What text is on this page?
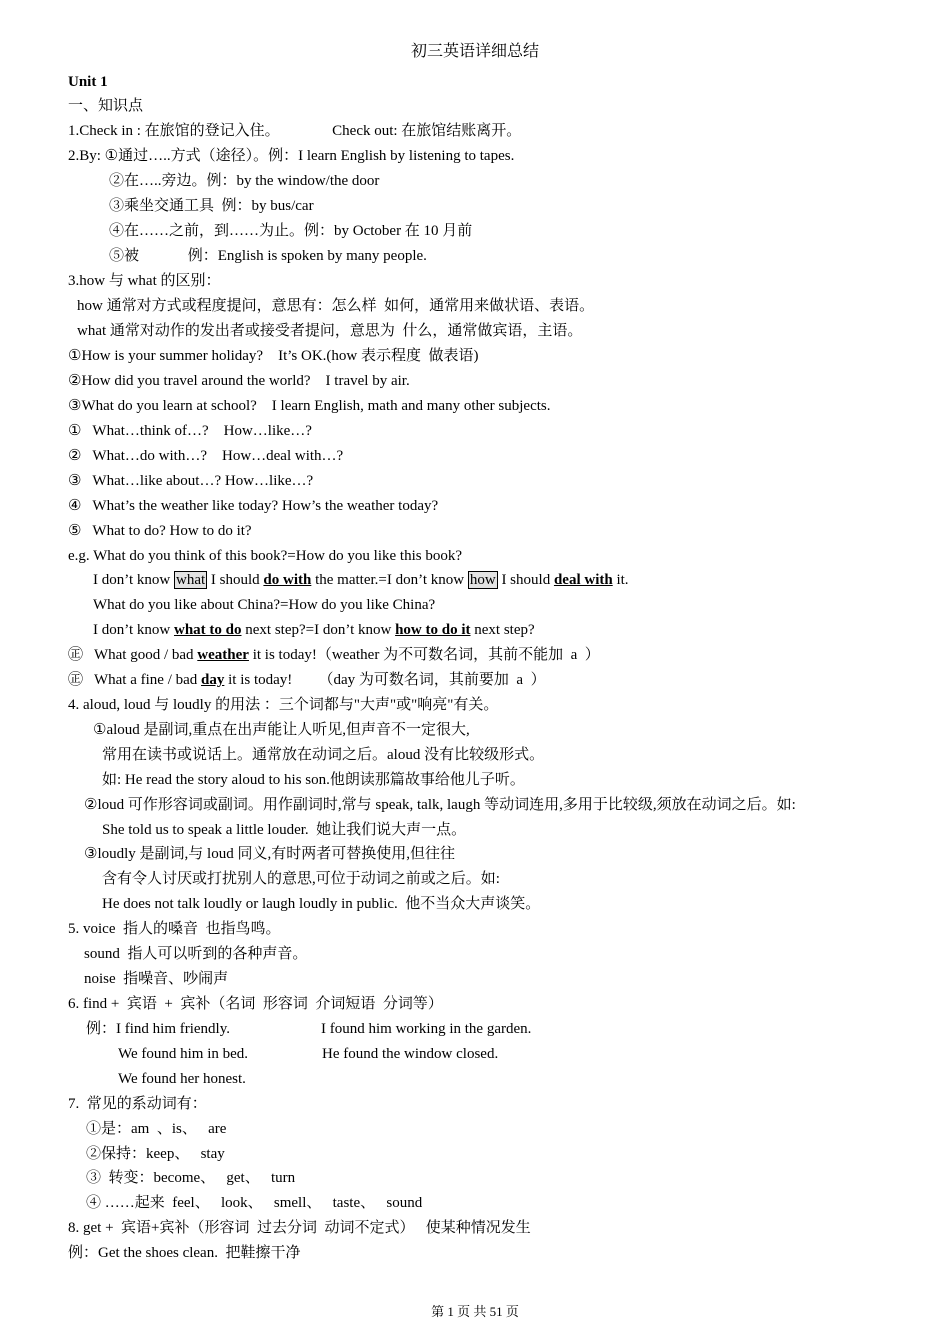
初三英语详细总结
Unit 1
一、知识点
1.Check in : 在旅馆的登记入住。              Check out: 在旅馆结账离开。
2.By: ①通过…..方式（途径）。例：I learn English by listening to tapes.
②在…..旁边。例：by the window/the door
③乘坐交通工具  例：by bus/car
④在……之前，到……为止。例：by October 在 10 月前
⑤被             例：English is spoken by many people.
3.how 与 what 的区别：
how 通常对方式或程度提问，意思有：怎么样  如何，通常用来做状语、表语。
what 通常对动作的发出者或接受者提问，意思为  什么，通常做宾语，主语。
①How is your summer holiday?    It’s OK.(how 表示程度  做表语)
②How did you travel around the world?    I travel by air.
③What do you learn at school?    I learn English, math and many other subjects.
①   What…think of…?    How…like…?
②   What…do with…?    How…deal with…?
③   What…like about…? How…like…?
④   What’s the weather like today? How’s the weather today?
⑤   What to do? How to do it?
e.g. What do you think of this book?=How do you like this book?
I don’t know what I should do with the matter.=I don’t know how I should deal with it.
What do you like about China?=How do you like China?
I don’t know what to do next step?=I don’t know how to do it next step?
㊣   What good / bad weather it is today!（weather 为不可数名词，其前不能加  a  ）
㊣   What a fine / bad day it is today!       （day 为可数名词，其前要加  a  ）
4. aloud, loud 与 loudly 的用法 ：三个词都与"大声"或"响亮"有关。
①aloud 是副词,重点在出声能让人听见,但声音不一定很大,
常用在读书或说话上。通常放在动词之后。aloud 没有比较级形式。
如: He read the story aloud to his son.他朗读那篇故事给他儿子听。
②loud 可作形容词或副词。用作副词时,常与 speak, talk, laugh 等动词连用,多用于比较级,须放在动词之后。如:
She told us to speak a little louder.  她让我们说大声一点。
③loudly 是副词,与 loud 同义,有时两者可替换使用,但往往
含有令人讨厌或打扰别人的意思,可位于动词之前或之后。如:
He does not talk loudly or laugh loudly in public.  他不当众大声谈笑。
5. voice  指人的嗓音  也指鸟鸣。
sound  指人可以听到的各种声音。
noise  指噪音、吵闹声
6. find +  宾语  +  宾补（名词  形容词  介词短语  分词等）
例：I find him friendly.	I found him working in the garden.
We found him in bed.	He found the window closed.
We found her honest.
7.  常见的系动词有：
①是：am  、is、   are
②保持：keep、   stay
③  转变：become、   get、   turn
④ ……起来  feel、   look、   smell、   taste、   sound
8. get +  宾语+宾补（形容词  过去分词  动词不定式）   使某种情况发生
例：Get the shoes clean.  把鞋擦干净
第 1 页 共 51 页
